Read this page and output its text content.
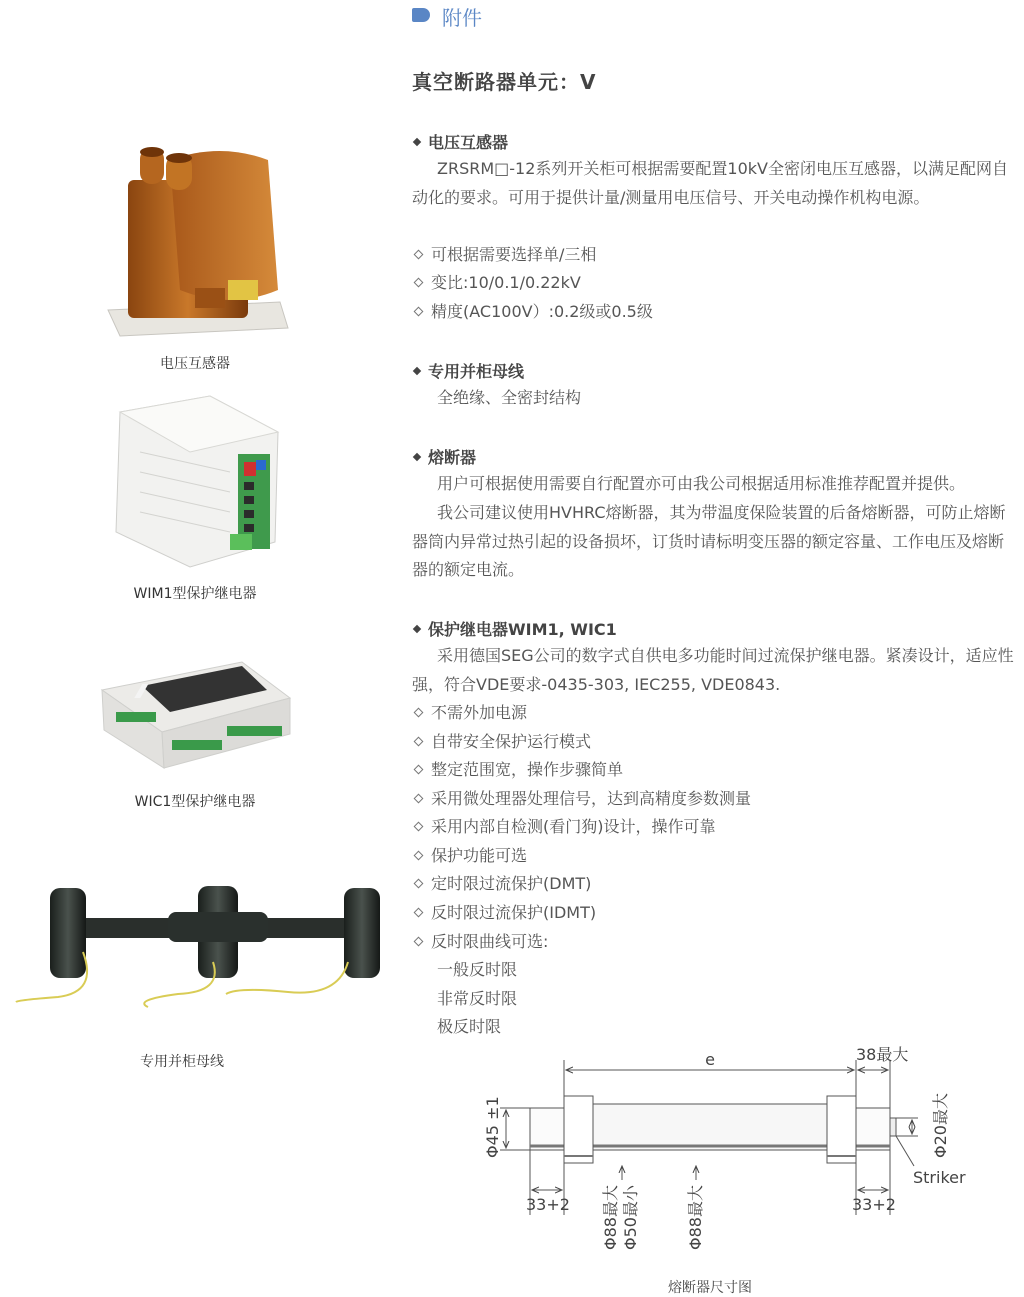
附件
真空断路器单元：V
电压互感器
WIM1型保护继电器
WIC1型保护继电器
专用并柜母线
电压互感器

ZRSRM□-12系列开关柜可根据需要配置10kV全密闭电压互感器，以满足配网自动化的要求。可用于提供计量/测量用电压信号、开关电动操作机构电源。

可根据需要选择单/三相
变比:10/0.1/0.22kV
精度(AC100V）:0.2级或0.5级
专用并柜母线
全绝缘、全密封结构
熔断器

用户可根据使用需要自行配置亦可由我公司根据适用标准推荐配置并提供。

我公司建议使用HVHRC熔断器，其为带温度保险装置的后备熔断器，可防止熔断器筒内异常过热引起的设备损坏，订货时请标明变压器的额定容量、工作电压及熔断器的额定电流。

保护继电器WIM1, WIC1

采用德国SEG公司的数字式自供电多功能时间过流保护继电器。紧凑设计，适应性强，符合VDE要求-0435-303, IEC255, VDE0843.

不需外加电源
自带安全保护运行模式
整定范围宽，操作步骤简单
采用微处理器处理信号，达到高精度参数测量
采用内部自检测(看门狗)设计，操作可靠
保护功能可选
定时限过流保护(DMT)
反时限过流保护(IDMT)
反时限曲线可选:
一般反时限
非常反时限
极反时限
e	38最大
Φ45 ±1	Φ20最大
Striker
33+2	33+2
Φ88最大 Φ50最小	Φ88最大
熔断器尺寸图
